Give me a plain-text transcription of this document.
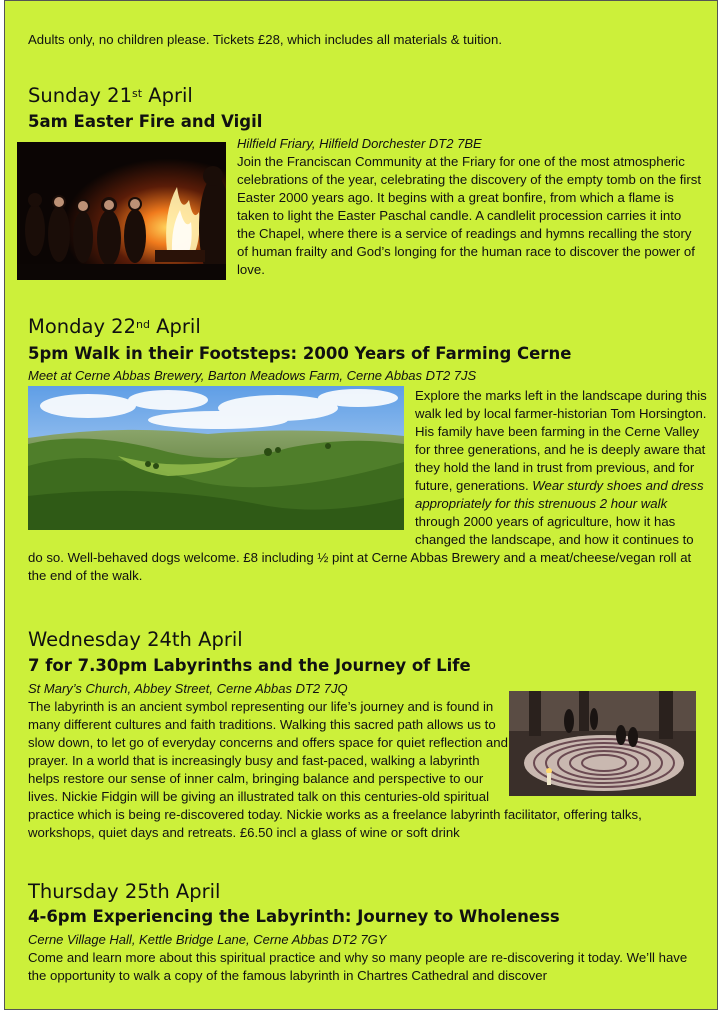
Adults only, no children please. Tickets £28, which includes all materials & tuition.

Sunday 21st April
5am Easter Fire and Vigil

Hilfield Friary, Hilfield Dorchester DT2 7BE

Join the Franciscan Community at the Friary for one of the most atmospheric celebrations of the year, celebrating the discovery of the empty tomb on the first Easter 2000 years ago. It begins with a great bonfire, from which a flame is taken to light the Easter Paschal candle. A candlelit procession carries it into the Chapel, where there is a service of readings and hymns recalling the story of human frailty and God’s longing for the human race to discover the power of love.

Monday 22nd April
5pm Walk in their Footsteps: 2000 Years of Farming Cerne

Meet at Cerne Abbas Brewery, Barton Meadows Farm, Cerne Abbas DT2 7JS

Explore the marks left in the landscape during this walk led by local farmer-historian Tom Horsington. His family have been farming in the Cerne Valley for three generations, and he is deeply aware that they hold the land in trust from previous, and for future, generations. Wear sturdy shoes and dress appropriately for this strenuous 2 hour walk through 2000 years of agriculture, how it has changed the landscape, and how it continues to do so. Well-behaved dogs welcome. £8 including ½ pint at Cerne Abbas Brewery and a meat/cheese/vegan roll at the end of the walk.
Wednesday 24th April
7 for 7.30pm Labyrinths and the Journey of Life

St Mary’s Church, Abbey Street, Cerne Abbas DT2 7JQ

The labyrinth is an ancient symbol representing our life’s journey and is found in many different cultures and faith traditions. Walking this sacred path allows us to slow down, to let go of everyday concerns and offers space for quiet reflection and prayer. In a world that is increasingly busy and fast-paced, walking a labyrinth helps restore our sense of inner calm, bringing balance and perspective to our lives. Nickie Fidgin will be giving an illustrated talk on this centuries-old spiritual practice which is being re-discovered today. Nickie works as a freelance labyrinth facilitator, offering talks, workshops, quiet days and retreats. £6.50 incl a glass of wine or soft drink
Thursday 25th April
4-6pm Experiencing the Labyrinth: Journey to Wholeness

Cerne Village Hall, Kettle Bridge Lane, Cerne Abbas DT2 7GY

Come and learn more about this spiritual practice and why so many people are re-discovering it today. We’ll have the opportunity to walk a copy of the famous labyrinth in Chartres Cathedral and discover
